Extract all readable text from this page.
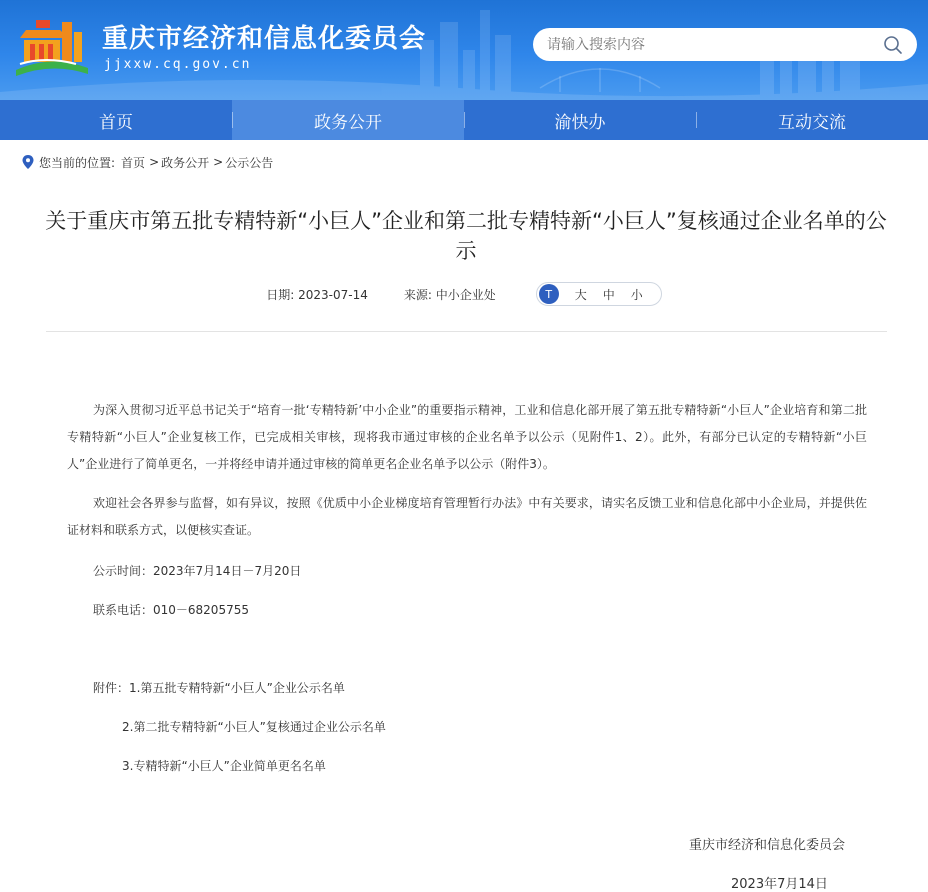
重庆市经济和信息化委员会
jjxxw.cq.gov.cn
请输入搜索内容
首页	政务公开	渝快办	互动交流
您当前的位置: 首页 > 政务公开 > 公示公告
关于重庆市第五批专精特新“小巨人”企业和第二批专精特新“小巨人”复核通过企业名单的公示
日期: 2023-07-14	来源: 中小企业处	T	大 中 小

为深入贯彻习近平总书记关于“培育一批‘专精特新’中小企业”的重要指示精神，工业和信息化部开展了第五批专精特新“小巨人”企业培育和第二批专精特新“小巨人”企业复核工作，已完成相关审核，现将我市通过审核的企业名单予以公示（见附件1、2）。此外，有部分已认定的专精特新“小巨人”企业进行了简单更名，一并将经申请并通过审核的简单更名企业名单予以公示（附件3）。

欢迎社会各界参与监督，如有异议，按照《优质中小企业梯度培育管理暂行办法》中有关要求，请实名反馈工业和信息化部中小企业局，并提供佐证材料和联系方式，以便核实查证。

公示时间：2023年7月14日－7月20日
联系电话：010－68205755
附件：1.第五批专精特新“小巨人”企业公示名单
2.第二批专精特新“小巨人”复核通过企业公示名单
3.专精特新“小巨人”企业简单更名名单
重庆市经济和信息化委员会
2023年7月14日
